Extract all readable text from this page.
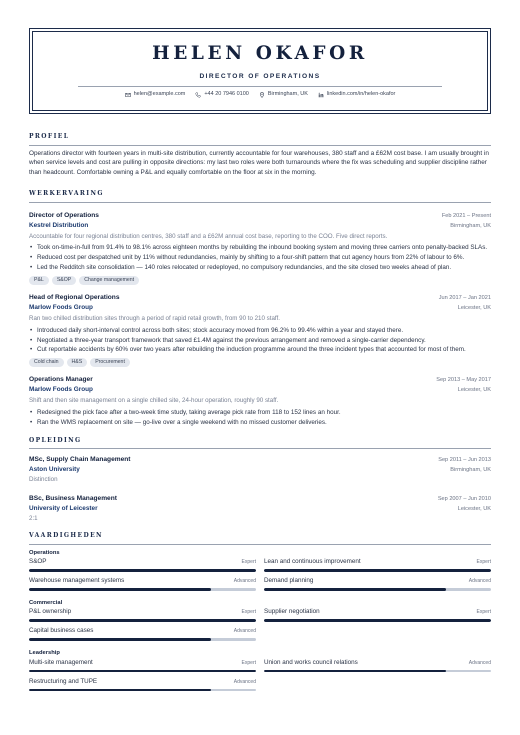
HELEN OKAFOR
DIRECTOR OF OPERATIONS
helen@example.com	+44 20 7946 0100	Birmingham, UK	linkedin.com/in/helen-okafor
PROFIEL
Operations director with fourteen years in multi-site distribution, currently accountable for four warehouses, 380 staff and a £62M cost base. I am usually brought in when service levels and cost are pulling in opposite directions: my last two roles were both turnarounds where the fix was scheduling and supplier discipline rather than headcount. Comfortable owning a P&L and equally comfortable on the floor at six in the morning.
WERKERVARING
Director of Operations	Feb 2021 – Present
Kestrel Distribution	Birmingham, UK
Accountable for four regional distribution centres, 380 staff and a £62M annual cost base, reporting to the COO. Five direct reports.
• Took on-time-in-full from 91.4% to 98.1% across eighteen months by rebuilding the inbound booking system and moving three carriers onto penalty-backed SLAs.
• Reduced cost per despatched unit by 11% without redundancies, mainly by shifting to a four-shift pattern that cut agency hours from 22% of labour to 6%.
• Led the Redditch site consolidation — 140 roles relocated or redeployed, no compulsory redundancies, and the site closed two weeks ahead of plan.
P&L	S&OP	Change management
Head of Regional Operations	Jun 2017 – Jan 2021
Marlow Foods Group	Leicester, UK
Ran two chilled distribution sites through a period of rapid retail growth, from 90 to 210 staff.
• Introduced daily short-interval control across both sites; stock accuracy moved from 96.2% to 99.4% within a year and stayed there.
• Negotiated a three-year transport framework that saved £1.4M against the previous arrangement and removed a single-carrier dependency.
• Cut reportable accidents by 60% over two years after rebuilding the induction programme around the three incident types that accounted for most of them.
Cold chain	H&S	Procurement
Operations Manager	Sep 2013 – May 2017
Marlow Foods Group	Leicester, UK
Shift and then site management on a single chilled site, 24-hour operation, roughly 90 staff.
• Redesigned the pick face after a two-week time study, taking average pick rate from 118 to 152 lines an hour.
• Ran the WMS replacement on site — go-live over a single weekend with no missed customer deliveries.
OPLEIDING
MSc, Supply Chain Management	Sep 2011 – Jun 2013
Aston University	Birmingham, UK
Distinction
BSc, Business Management	Sep 2007 – Jun 2010
University of Leicester	Leicester, UK
2:1
VAARDIGHEDEN
Operations
S&OP	Expert Lean and continuous improvement	Expert
Warehouse management systems	Advanced Demand planning	Advanced
Commercial
P&L ownership	Expert Supplier negotiation	Expert
Capital business cases	Advanced
Leadership
Multi-site management	Expert Union and works council relations	Advanced
Restructuring and TUPE	Advanced
